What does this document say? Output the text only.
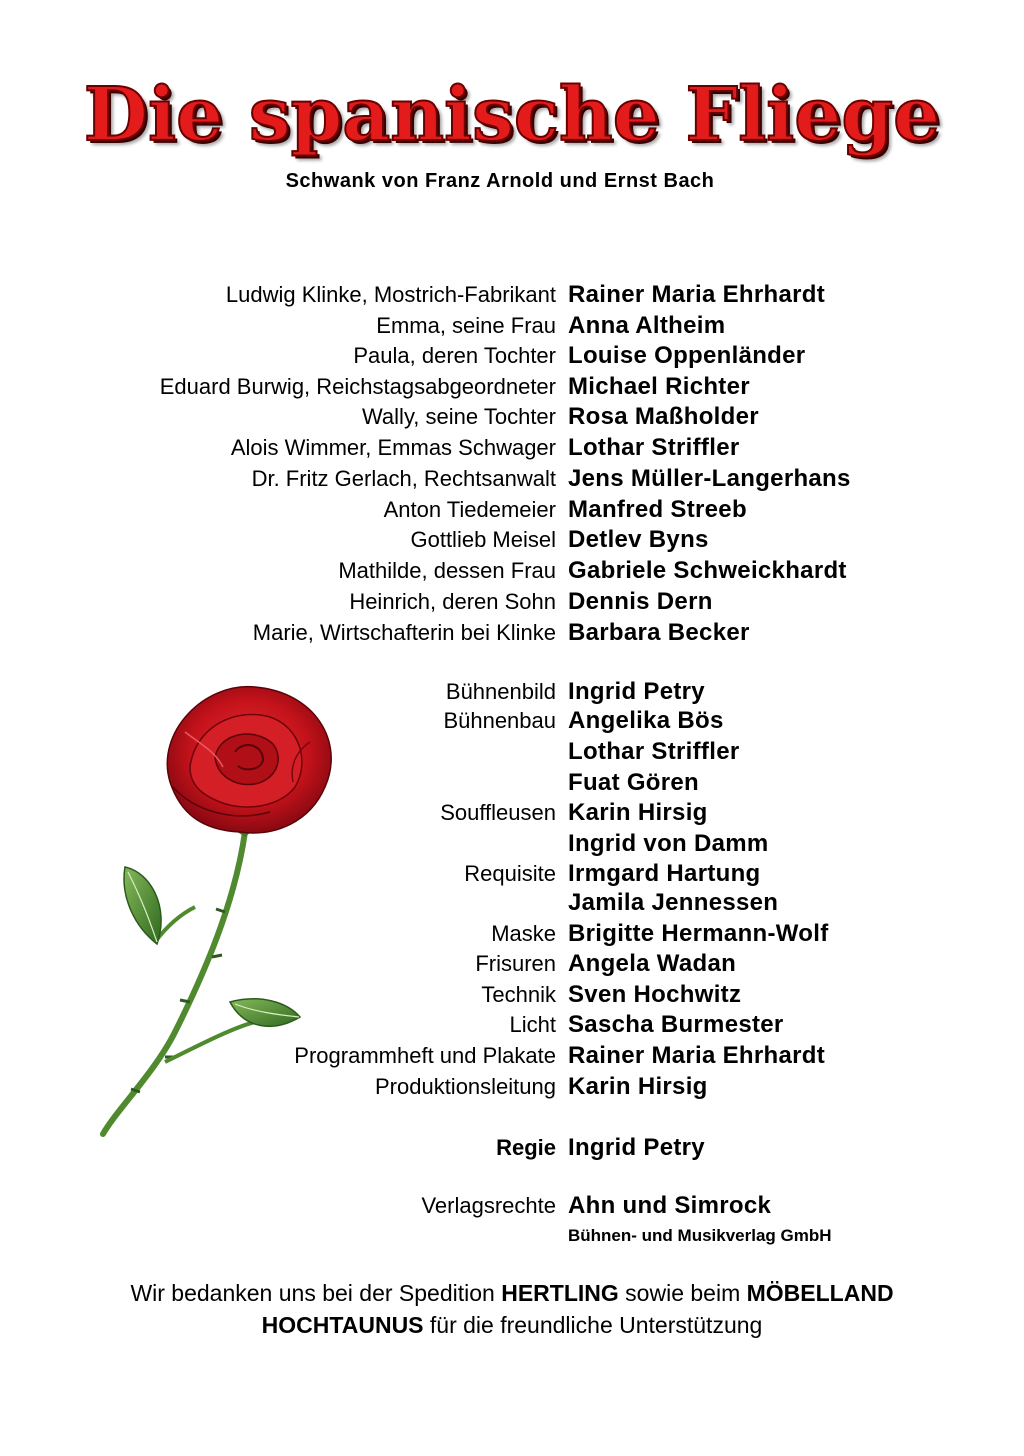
Die spanische Fliege
Schwank von Franz Arnold und Ernst Bach
Ludwig Klinke, Mostrich-Fabrikant Rainer Maria Ehrhardt
Emma, seine Frau Anna Altheim
Paula, deren Tochter Louise Oppenländer
Eduard Burwig, Reichstagsabgeordneter Michael Richter
Wally, seine Tochter Rosa Maßholder
Alois Wimmer, Emmas Schwager Lothar Striffler
Dr. Fritz Gerlach, Rechtsanwalt Jens Müller-Langerhans
Anton Tiedemeier Manfred Streeb
Gottlieb Meisel Detlev Byns
Mathilde, dessen Frau Gabriele Schweickhardt
Heinrich, deren Sohn Dennis Dern
Marie, Wirtschafterin bei Klinke Barbara Becker
Bühnenbild Ingrid Petry
Bühnenbau Angelika Bös
Lothar Striffler
Fuat Gören
Souffleusen Karin Hirsig
Ingrid von Damm
Requisite Irmgard Hartung
Jamila Jennessen
Maske Brigitte Hermann-Wolf
Frisuren Angela Wadan
Technik Sven Hochwitz
Licht Sascha Burmester
Programmheft und Plakate Rainer Maria Ehrhardt
Produktionsleitung Karin Hirsig
Regie Ingrid Petry
Verlagsrechte Ahn und Simrock
Bühnen- und Musikverlag GmbH
Wir bedanken uns bei der Spedition HERTLING sowie beim MÖBELLAND
HOCHTAUNUS für die freundliche Unterstützung
